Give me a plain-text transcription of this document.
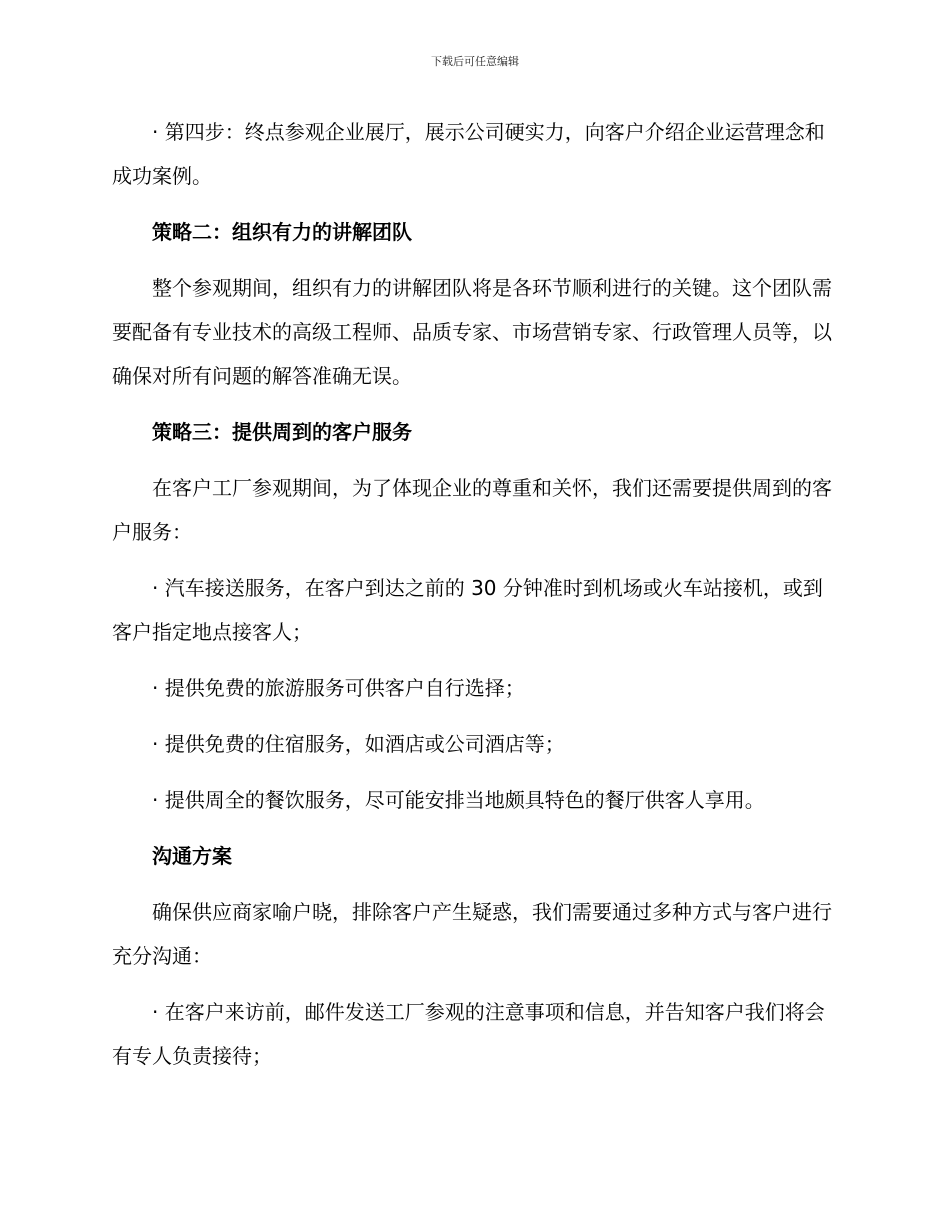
下载后可任意编辑

· 第四步：终点参观企业展厅，展示公司硬实力，向客户介绍企业运营理念和成功案例。

策略二：组织有力的讲解团队

整个参观期间，组织有力的讲解团队将是各环节顺利进行的关键。这个团队需要配备有专业技术的高级工程师、品质专家、市场营销专家、行政管理人员等，以确保对所有问题的解答准确无误。

策略三：提供周到的客户服务

在客户工厂参观期间，为了体现企业的尊重和关怀，我们还需要提供周到的客户服务：

· 汽车接送服务，在客户到达之前的 30 分钟准时到机场或火车站接机，或到客户指定地点接客人；

· 提供免费的旅游服务可供客户自行选择；

· 提供免费的住宿服务，如酒店或公司酒店等；

· 提供周全的餐饮服务，尽可能安排当地颇具特色的餐厅供客人享用。

沟通方案

确保供应商家喻户晓，排除客户产生疑惑，我们需要通过多种方式与客户进行充分沟通：

· 在客户来访前，邮件发送工厂参观的注意事项和信息，并告知客户我们将会有专人负责接待；
